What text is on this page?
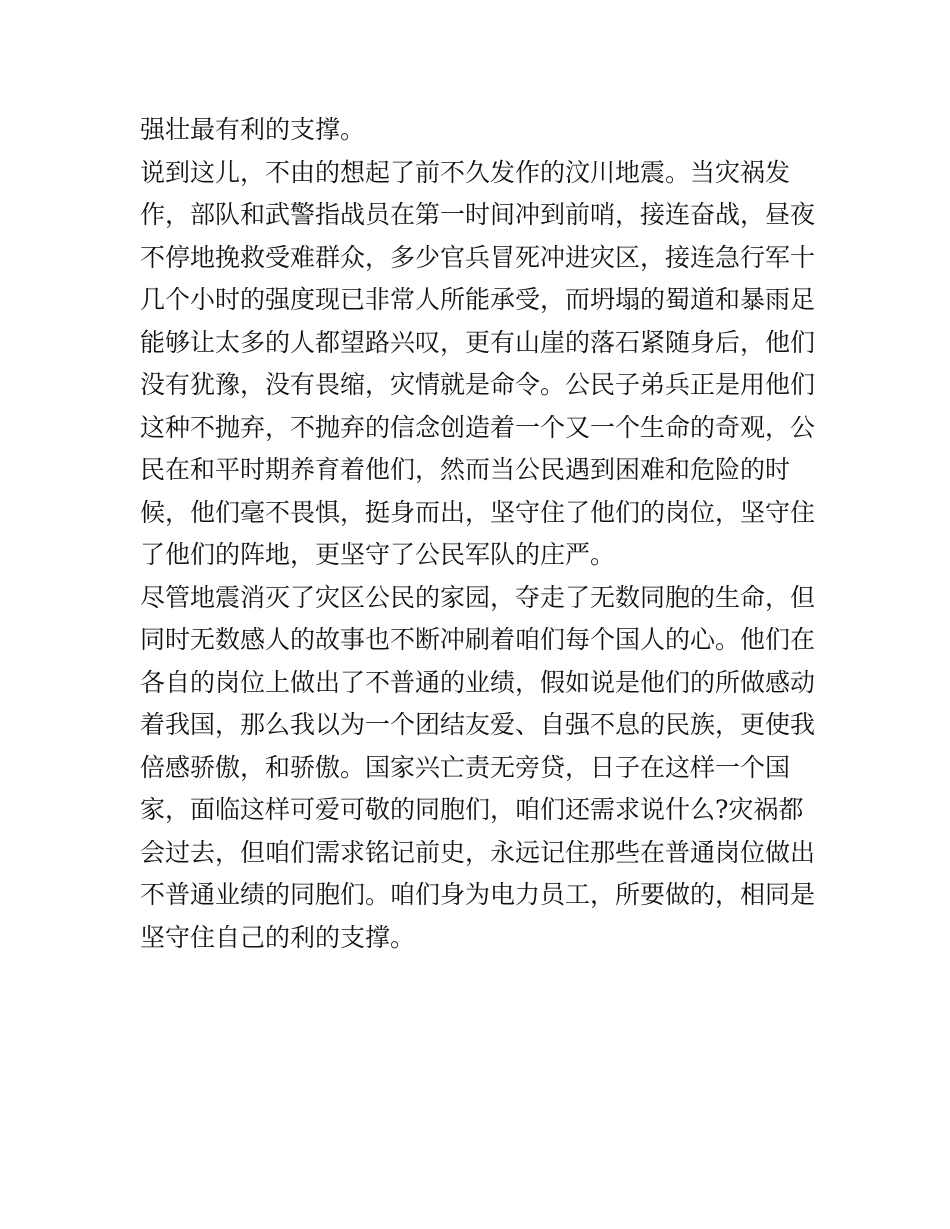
强壮最有利的支撑。
说到这儿，不由的想起了前不久发作的汶川地震。当灾祸发
作，部队和武警指战员在第一时间冲到前哨，接连奋战，昼夜
不停地挽救受难群众，多少官兵冒死冲进灾区，接连急行军十
几个小时的强度现已非常人所能承受，而坍塌的蜀道和暴雨足
能够让太多的人都望路兴叹，更有山崖的落石紧随身后，他们
没有犹豫，没有畏缩，灾情就是命令。公民子弟兵正是用他们
这种不抛弃，不抛弃的信念创造着一个又一个生命的奇观，公
民在和平时期养育着他们，然而当公民遇到困难和危险的时
候，他们毫不畏惧，挺身而出，坚守住了他们的岗位，坚守住
了他们的阵地，更坚守了公民军队的庄严。
尽管地震消灭了灾区公民的家园，夺走了无数同胞的生命，但
同时无数感人的故事也不断冲刷着咱们每个国人的心。他们在
各自的岗位上做出了不普通的业绩，假如说是他们的所做感动
着我国，那么我以为一个团结友爱、自强不息的民族，更使我
倍感骄傲，和骄傲。国家兴亡责无旁贷，日子在这样一个国
家，面临这样可爱可敬的同胞们，咱们还需求说什么?灾祸都
会过去，但咱们需求铭记前史，永远记住那些在普通岗位做出
不普通业绩的同胞们。咱们身为电力员工，所要做的，相同是
坚守住自己的利的支撑。
